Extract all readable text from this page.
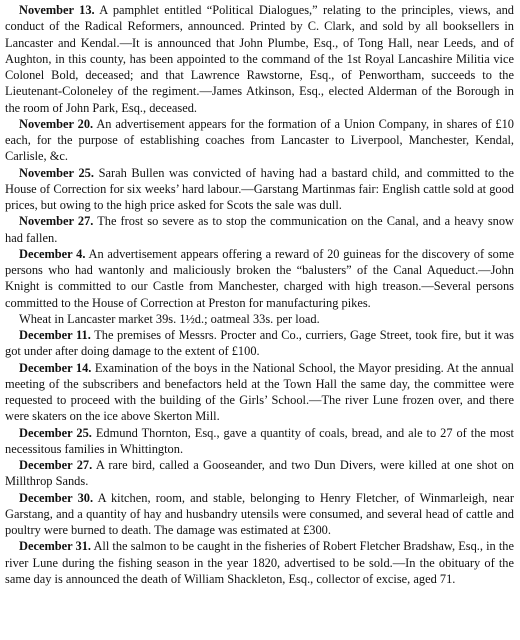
November 13. A pamphlet entitled “Political Dialogues,” relating to the principles, views, and conduct of the Radical Reformers, announced. Printed by C. Clark, and sold by all booksellers in Lancaster and Kendal.—It is announced that John Plumbe, Esq., of Tong Hall, near Leeds, and of Aughton, in this county, has been appointed to the command of the 1st Royal Lancashire Militia vice Colonel Bold, deceased; and that Lawrence Rawstorne, Esq., of Penwortham, succeeds to the Lieutenant-Coloneley of the regiment.—James Atkinson, Esq., elected Alderman of the Borough in the room of John Park, Esq., deceased.

November 20. An advertisement appears for the formation of a Union Company, in shares of £10 each, for the purpose of establishing coaches from Lancaster to Liverpool, Manchester, Kendal, Carlisle, &c.

November 25. Sarah Bullen was convicted of having had a bastard child, and committed to the House of Correction for six weeks’ hard labour.—Garstang Martinmas fair: English cattle sold at good prices, but owing to the high price asked for Scots the sale was dull.

November 27. The frost so severe as to stop the communication on the Canal, and a heavy snow had fallen.

December 4. An advertisement appears offering a reward of 20 guineas for the discovery of some persons who had wantonly and maliciously broken the “balusters” of the Canal Aqueduct.—John Knight is committed to our Castle from Manchester, charged with high treason.—Several persons committed to the House of Correction at Preston for manufacturing pikes.

Wheat in Lancaster market 39s. 1½d.; oatmeal 33s. per load.

December 11. The premises of Messrs. Procter and Co., curriers, Gage Street, took fire, but it was got under after doing damage to the extent of £100.

December 14. Examination of the boys in the National School, the Mayor presiding. At the annual meeting of the subscribers and benefactors held at the Town Hall the same day, the committee were requested to proceed with the building of the Girls’ School.—The river Lune frozen over, and there were skaters on the ice above Skerton Mill.

December 25. Edmund Thornton, Esq., gave a quantity of coals, bread, and ale to 27 of the most necessitous families in Whittington.

December 27. A rare bird, called a Gooseander, and two Dun Divers, were killed at one shot on Millthrop Sands.

December 30. A kitchen, room, and stable, belonging to Henry Fletcher, of Winmarleigh, near Garstang, and a quantity of hay and husbandry utensils were consumed, and several head of cattle and poultry were burned to death. The damage was estimated at £300.

December 31. All the salmon to be caught in the fisheries of Robert Fletcher Bradshaw, Esq., in the river Lune during the fishing season in the year 1820, advertised to be sold.—In the obituary of the same day is announced the death of William Shackleton, Esq., collector of excise, aged 71.
